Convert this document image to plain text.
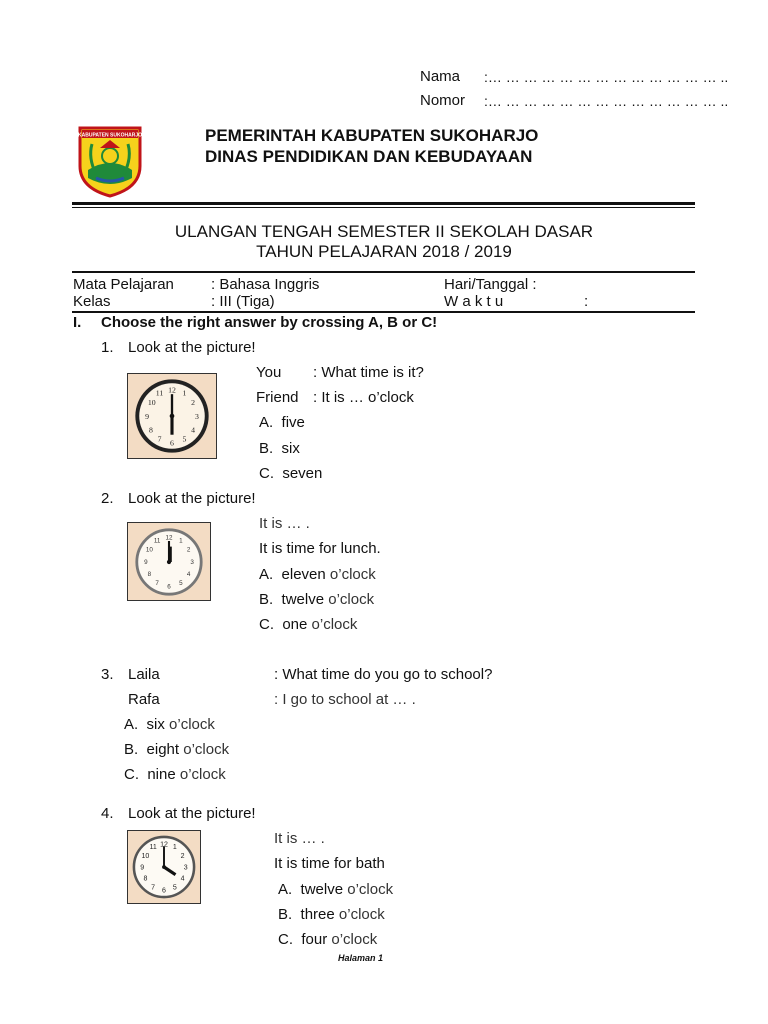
Nama :… … … … … … … … … … … … … ..
Nomor :… … … … … … … … … … … … … ..
KABUPATEN SUKOHARJO	PEMERINTAH KABUPATEN SUKOHARJO
DINAS PENDIDIKAN DAN KEBUDAYAAN
ULANGAN TENGAH SEMESTER II SEKOLAH DASAR
TAHUN PELAJARAN 2018 / 2019
Mata Pelajaran : Bahasa Inggris	Hari/Tanggal :
Kelas	: III (Tiga)	W a k t u	:
I. Choose the right answer by crossing A, B or C!
1. Look at the picture!
12 1
2
3
4
5
6
7
8
9
10
11
You : What time is it?
Friend : It is … o’clock
A. five
B. six
C. seven
2. Look at the picture!
12 1
2
3
4
5
6
7
8
9
10
11
It is … .
It is time for lunch.
A. eleven o’clock
B. twelve o’clock
C. one o’clock
3. Laila	: What time do you go to school?
Rafa	: I go to school at … .
A. six o’clock
B. eight o’clock
C. nine o’clock
4. Look at the picture!
12 1
2
3
4
5
6
7
8
9
10
11
It is … .
It is time for bath
A. twelve o’clock
B. three o’clock
C. four o’clock
Halaman 1
